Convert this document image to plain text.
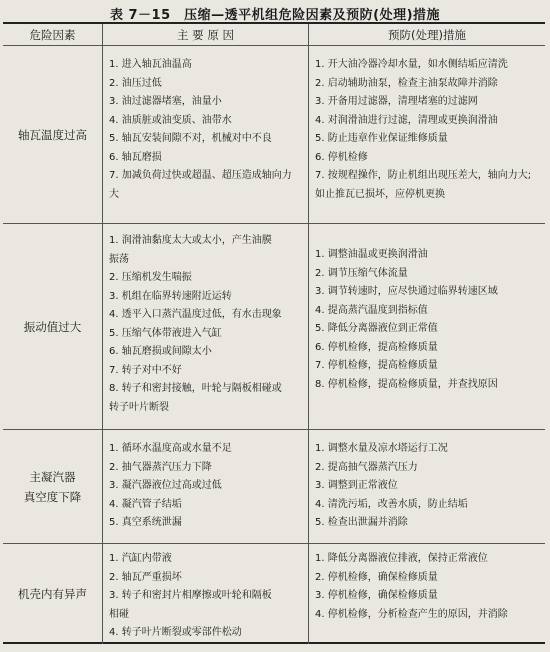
表 7－15　压缩—透平机组危险因素及预防(处理)措施
危险因素	主 要 原 因	预防(处理)措施
轴瓦温度过高
1. 进入轴瓦油温高
2. 油压过低
3. 油过滤器堵塞，油量小
4. 油质脏或油变质、油带水
5. 轴瓦安装间隙不对，机械对中不良
6. 轴瓦磨损
7. 加减负荷过快或超温、超压造成轴向力
大
1. 开大油冷器冷却水量，如水侧结垢应清洗
2. 启动辅助油泵，检查主油泵故障并消除
3. 开备用过滤器，清理堵塞的过滤网
4. 对润滑油进行过滤，清理或更换润滑油
5. 防止违章作业保证维修质量
6. 停机检修
7. 按规程操作，防止机组出现压差大，轴向力大;
如止推瓦已损坏，应停机更换
振动值过大
1. 润滑油黏度太大或太小，产生油膜
振荡
2. 压缩机发生喘振
3. 机组在临界转速附近运转
4. 透平入口蒸汽温度过低，有水击现象
5. 压缩气体带液进入气缸
6. 轴瓦磨损或间隙太小
7. 转子对中不好
8. 转子和密封接触，叶轮与隔板相碰或
转子叶片断裂
1. 调整油温或更换润滑油
2. 调节压缩气体流量
3. 调节转速时，应尽快通过临界转速区域
4. 提高蒸汽温度到指标值
5. 降低分离器液位到正常值
6. 停机检修，提高检修质量
7. 停机检修，提高检修质量
8. 停机检修，提高检修质量，并查找原因
主凝汽器
真空度下降
1. 循环水温度高或水量不足
2. 抽气器蒸汽压力下降
3. 凝汽器液位过高或过低
4. 凝汽管子结垢
5. 真空系统泄漏
1. 调整水量及凉水塔运行工况
2. 提高抽气器蒸汽压力
3. 调整到正常液位
4. 清洗污垢，改善水质，防止结垢
5. 检查出泄漏并消除
机壳内有异声
1. 汽缸内带液
2. 轴瓦严重损坏
3. 转子和密封片相摩擦或叶轮和隔板
相碰
4. 转子叶片断裂或零部件松动
1. 降低分离器液位排液，保持正常液位
2. 停机检修，确保检修质量
3. 停机检修，确保检修质量
4. 停机检修，分析检查产生的原因，并消除
